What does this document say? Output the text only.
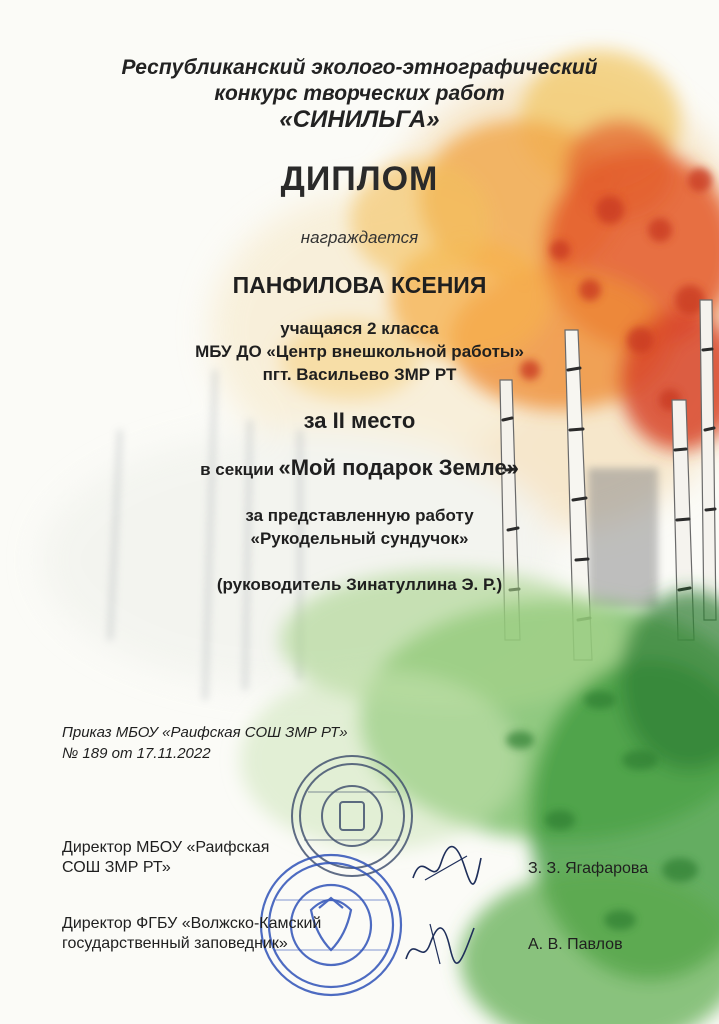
Республиканский эколого-этнографический
конкурс творческих работ
«СИНИЛЬГА»
ДИПЛОМ
награждается
ПАНФИЛОВА КСЕНИЯ
учащаяся 2 класса
МБУ ДО «Центр внешкольной работы»
пгт. Васильево ЗМР РТ
за II место
в секции «Мой подарок Земле»
за представленную работу
«Рукодельный сундучок»
(руководитель Зинатуллина Э. Р.)
Приказ МБОУ «Раифская СОШ ЗМР РТ»
№ 189 от 17.11.2022
Директор МБОУ «Раифская
СОШ ЗМР РТ»	З. З. Ягафарова
Директор ФГБУ «Волжско-Камский
государственный заповедник»	А. В. Павлов
